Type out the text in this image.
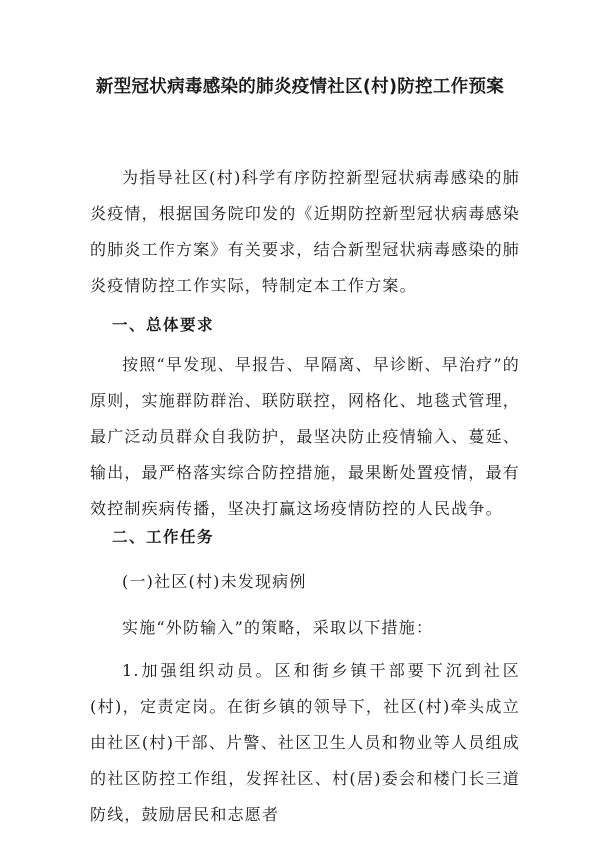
新型冠状病毒感染的肺炎疫情社区(村)防控工作预案
为指导社区(村)科学有序防控新型冠状病毒感染的肺炎疫情，根据国务院印发的《近期防控新型冠状病毒感染的肺炎工作方案》有关要求，结合新型冠状病毒感染的肺炎疫情防控工作实际，特制定本工作方案。
一、总体要求
按照“早发现、早报告、早隔离、早诊断、早治疗”的原则，实施群防群治、联防联控，网格化、地毯式管理，最广泛动员群众自我防护，最坚决防止疫情输入、蔓延、输出，最严格落实综合防控措施，最果断处置疫情，最有效控制疾病传播，坚决打赢这场疫情防控的人民战争。
二、工作任务
(一)社区(村)未发现病例
实施“外防输入”的策略，采取以下措施：
1.加强组织动员。区和街乡镇干部要下沉到社区(村)，定责定岗。在街乡镇的领导下，社区(村)牵头成立由社区(村)干部、片警、社区卫生人员和物业等人员组成的社区防控工作组，发挥社区、村(居)委会和楼门长三道防线，鼓励居民和志愿者
